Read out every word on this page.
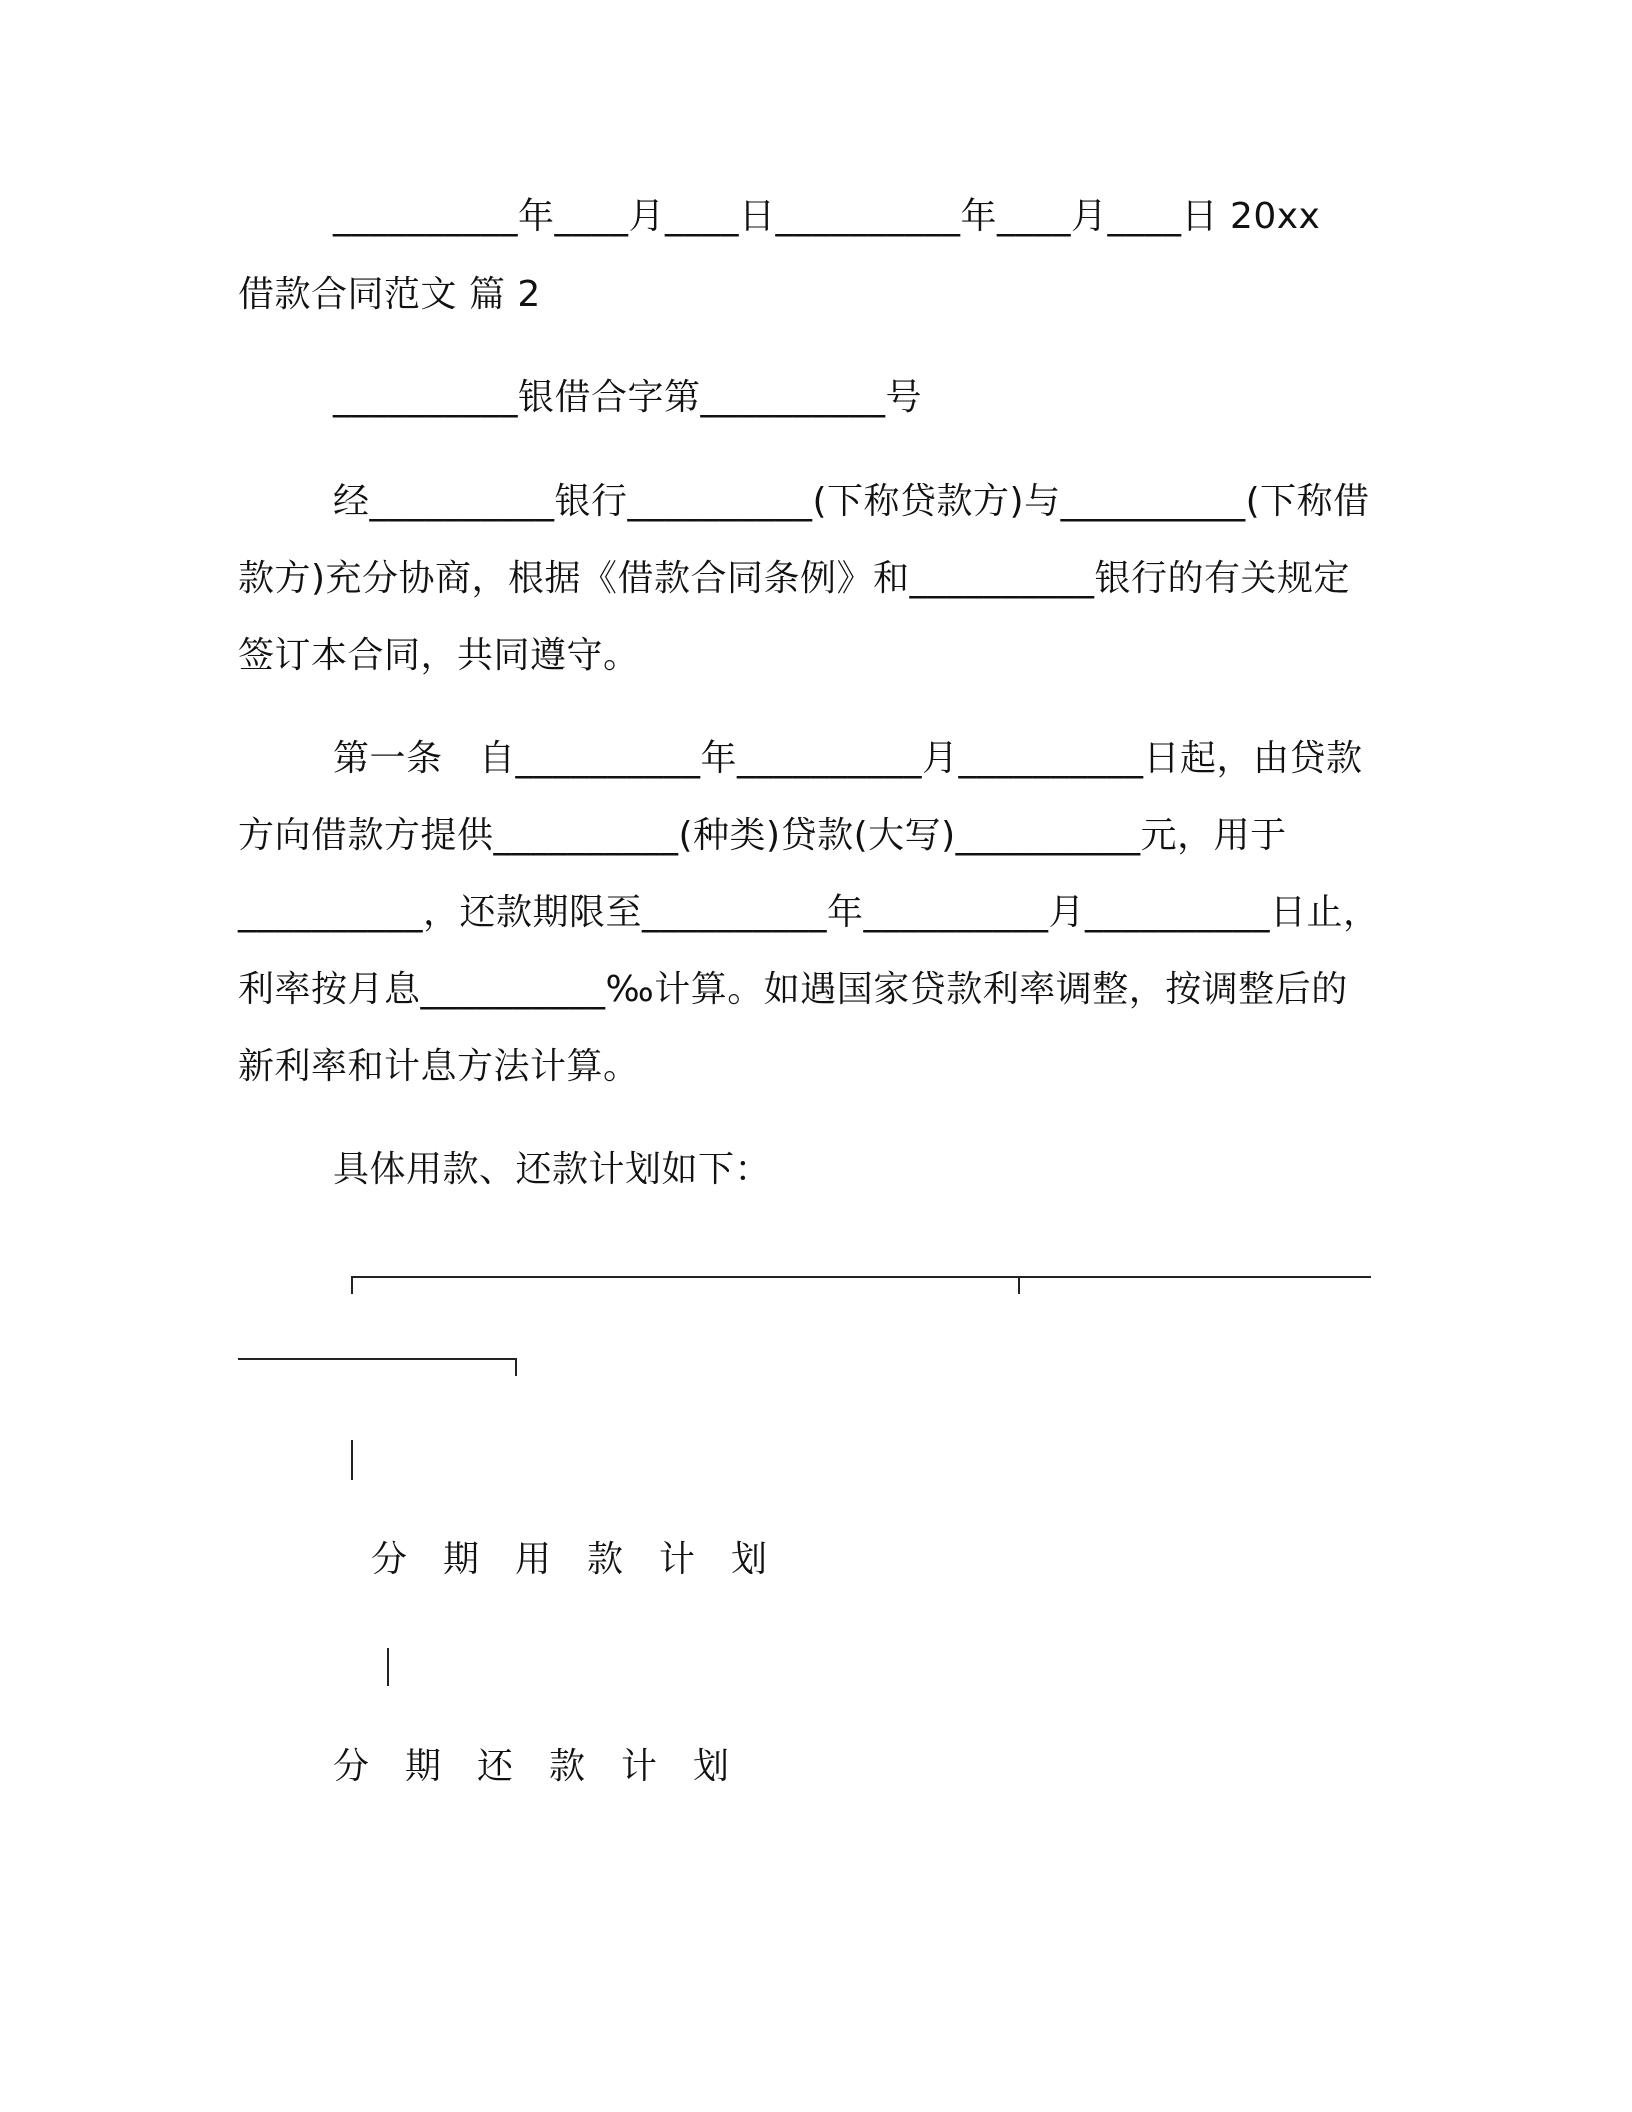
__________年____月____日__________年____月____日 20xx
借款合同范文 篇 2
__________银借合字第__________号
经__________银行__________(下称贷款方)与__________(下称借
款方)充分协商，根据《借款合同条例》和__________银行的有关规定
签订本合同，共同遵守。
第一条　自__________年__________月__________日起，由贷款
方向借款方提供__________(种类)贷款(大写)__________元，用于
__________，还款期限至__________年__________月__________日止，
利率按月息__________‰计算。如遇国家贷款利率调整，按调整后的
新利率和计息方法计算。
具体用款、还款计划如下：
分期用款计划
分期还款计划
